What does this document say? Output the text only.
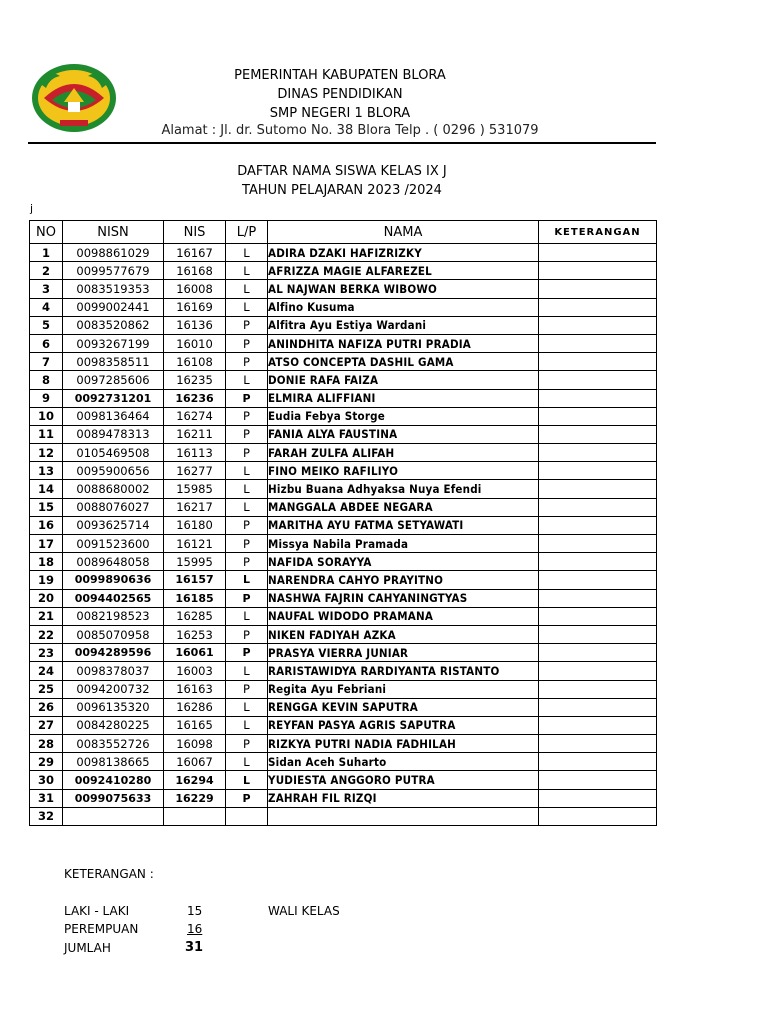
PEMERINTAH KABUPATEN BLORA
DINAS PENDIDIKAN
SMP NEGERI 1 BLORA
Alamat : Jl. dr. Sutomo No. 38 Blora Telp . ( 0296 ) 531079
DAFTAR NAMA SISWA KELAS IX J
TAHUN PELAJARAN 2023 /2024
j
NO	NISN	NIS	L/P	NAMA	KETERANGAN
1	0098861029	16167	L	ADIRA DZAKI HAFIZRIZKY	
2	0099577679	16168	L	AFRIZZA MAGIE ALFAREZEL	
3	0083519353	16008	L	AL NAJWAN BERKA WIBOWO	
4	0099002441	16169	L	Alfino Kusuma	
5	0083520862	16136	P	Alfitra Ayu Estiya Wardani	
6	0093267199	16010	P	ANINDHITA NAFIZA PUTRI PRADIA	
7	0098358511	16108	P	ATSO CONCEPTA DASHIL GAMA	
8	0097285606	16235	L	DONIE RAFA FAIZA	
9	0092731201	16236	P	ELMIRA ALIFFIANI	
10	0098136464	16274	P	Eudia Febya Storge	
11	0089478313	16211	P	FANIA ALYA FAUSTINA	
12	0105469508	16113	P	FARAH ZULFA ALIFAH	
13	0095900656	16277	L	FINO MEIKO RAFILIYO	
14	0088680002	15985	L	Hizbu Buana Adhyaksa Nuya Efendi	
15	0088076027	16217	L	MANGGALA ABDEE NEGARA	
16	0093625714	16180	P	MARITHA AYU FATMA SETYAWATI	
17	0091523600	16121	P	Missya Nabila Pramada	
18	0089648058	15995	P	NAFIDA SORAYYA	
19	0099890636	16157	L	NARENDRA CAHYO PRAYITNO	
20	0094402565	16185	P	NASHWA FAJRIN CAHYANINGTYAS	
21	0082198523	16285	L	NAUFAL WIDODO PRAMANA	
22	0085070958	16253	P	NIKEN FADIYAH AZKA	
23	0094289596	16061	P	PRASYA VIERRA JUNIAR	
24	0098378037	16003	L	RARISTAWIDYA RARDIYANTA RISTANTO	
25	0094200732	16163	P	Regita Ayu Febriani	
26	0096135320	16286	L	RENGGA KEVIN SAPUTRA	
27	0084280225	16165	L	REYFAN PASYA AGRIS SAPUTRA	
28	0083552726	16098	P	RIZKYA PUTRI NADIA FADHILAH	
29	0098138665	16067	L	Sidan Aceh Suharto	
30	0092410280	16294	L	YUDIESTA ANGGORO PUTRA	
31	0099075633	16229	P	ZAHRAH FIL RIZQI	
32					
KETERANGAN :
LAKI - LAKI	15	WALI KELAS
PEREMPUAN	16
JUMLAH	31
